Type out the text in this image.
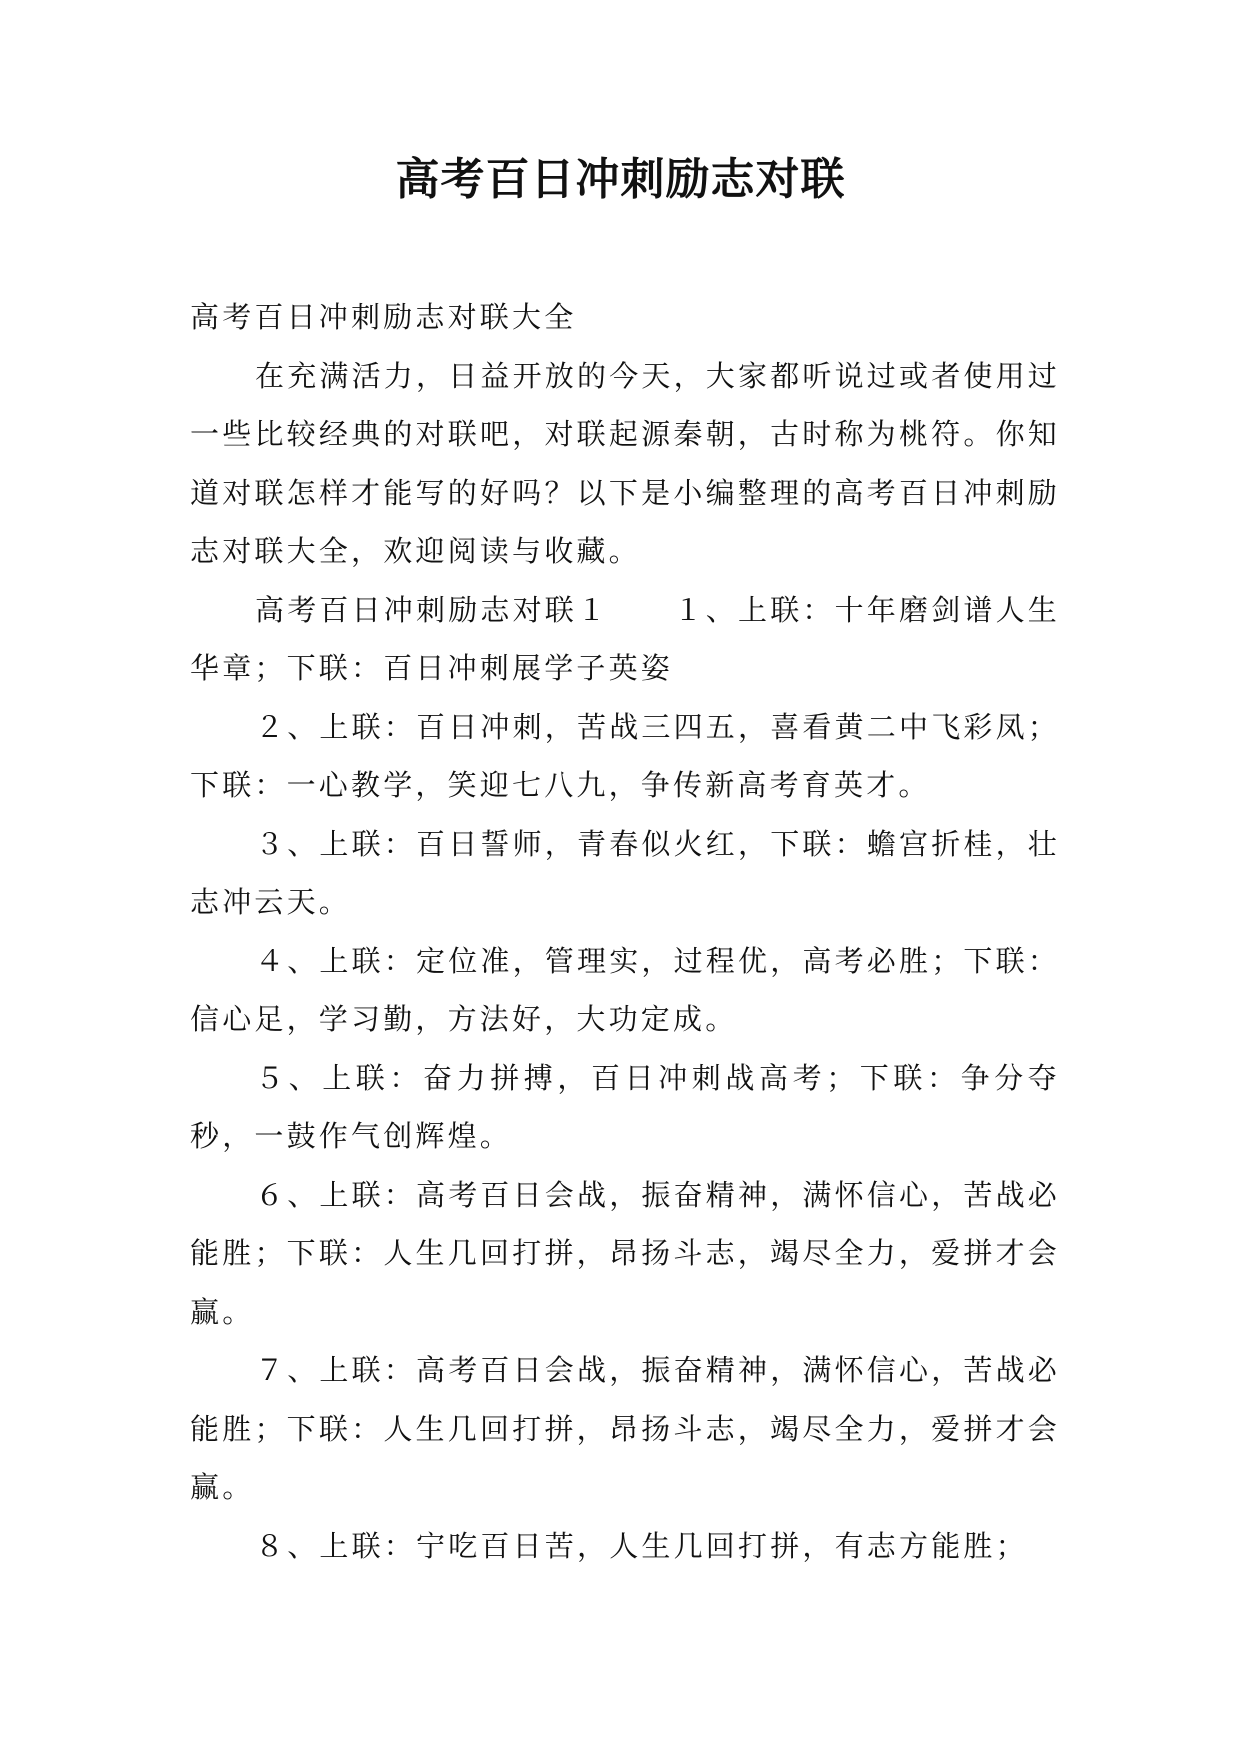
高考百日冲刺励志对联

高考百日冲刺励志对联大全

在充满活力，日益开放的今天，大家都听说过或者使用过一些比较经典的对联吧，对联起源秦朝，古时称为桃符。你知道对联怎样才能写的好吗？以下是小编整理的高考百日冲刺励志对联大全，欢迎阅读与收藏。

高考百日冲刺励志对联１　　１、上联：十年磨剑谱人生华章；下联：百日冲刺展学子英姿

２、上联：百日冲刺，苦战三四五，喜看黄二中飞彩凤；下联：一心教学，笑迎七八九，争传新高考育英才。

３、上联：百日誓师，青春似火红，下联：蟾宫折桂，壮志冲云天。

４、上联：定位准，管理实，过程优，高考必胜；下联：信心足，学习勤，方法好，大功定成。

５、上联：奋力拼搏，百日冲刺战高考；下联：争分夺秒，一鼓作气创辉煌。

６、上联：高考百日会战，振奋精神，满怀信心，苦战必能胜；下联：人生几回打拼，昂扬斗志，竭尽全力，爱拼才会赢。

７、上联：高考百日会战，振奋精神，满怀信心，苦战必能胜；下联：人生几回打拼，昂扬斗志，竭尽全力，爱拼才会赢。

８、上联：宁吃百日苦，人生几回打拼，有志方能胜；
